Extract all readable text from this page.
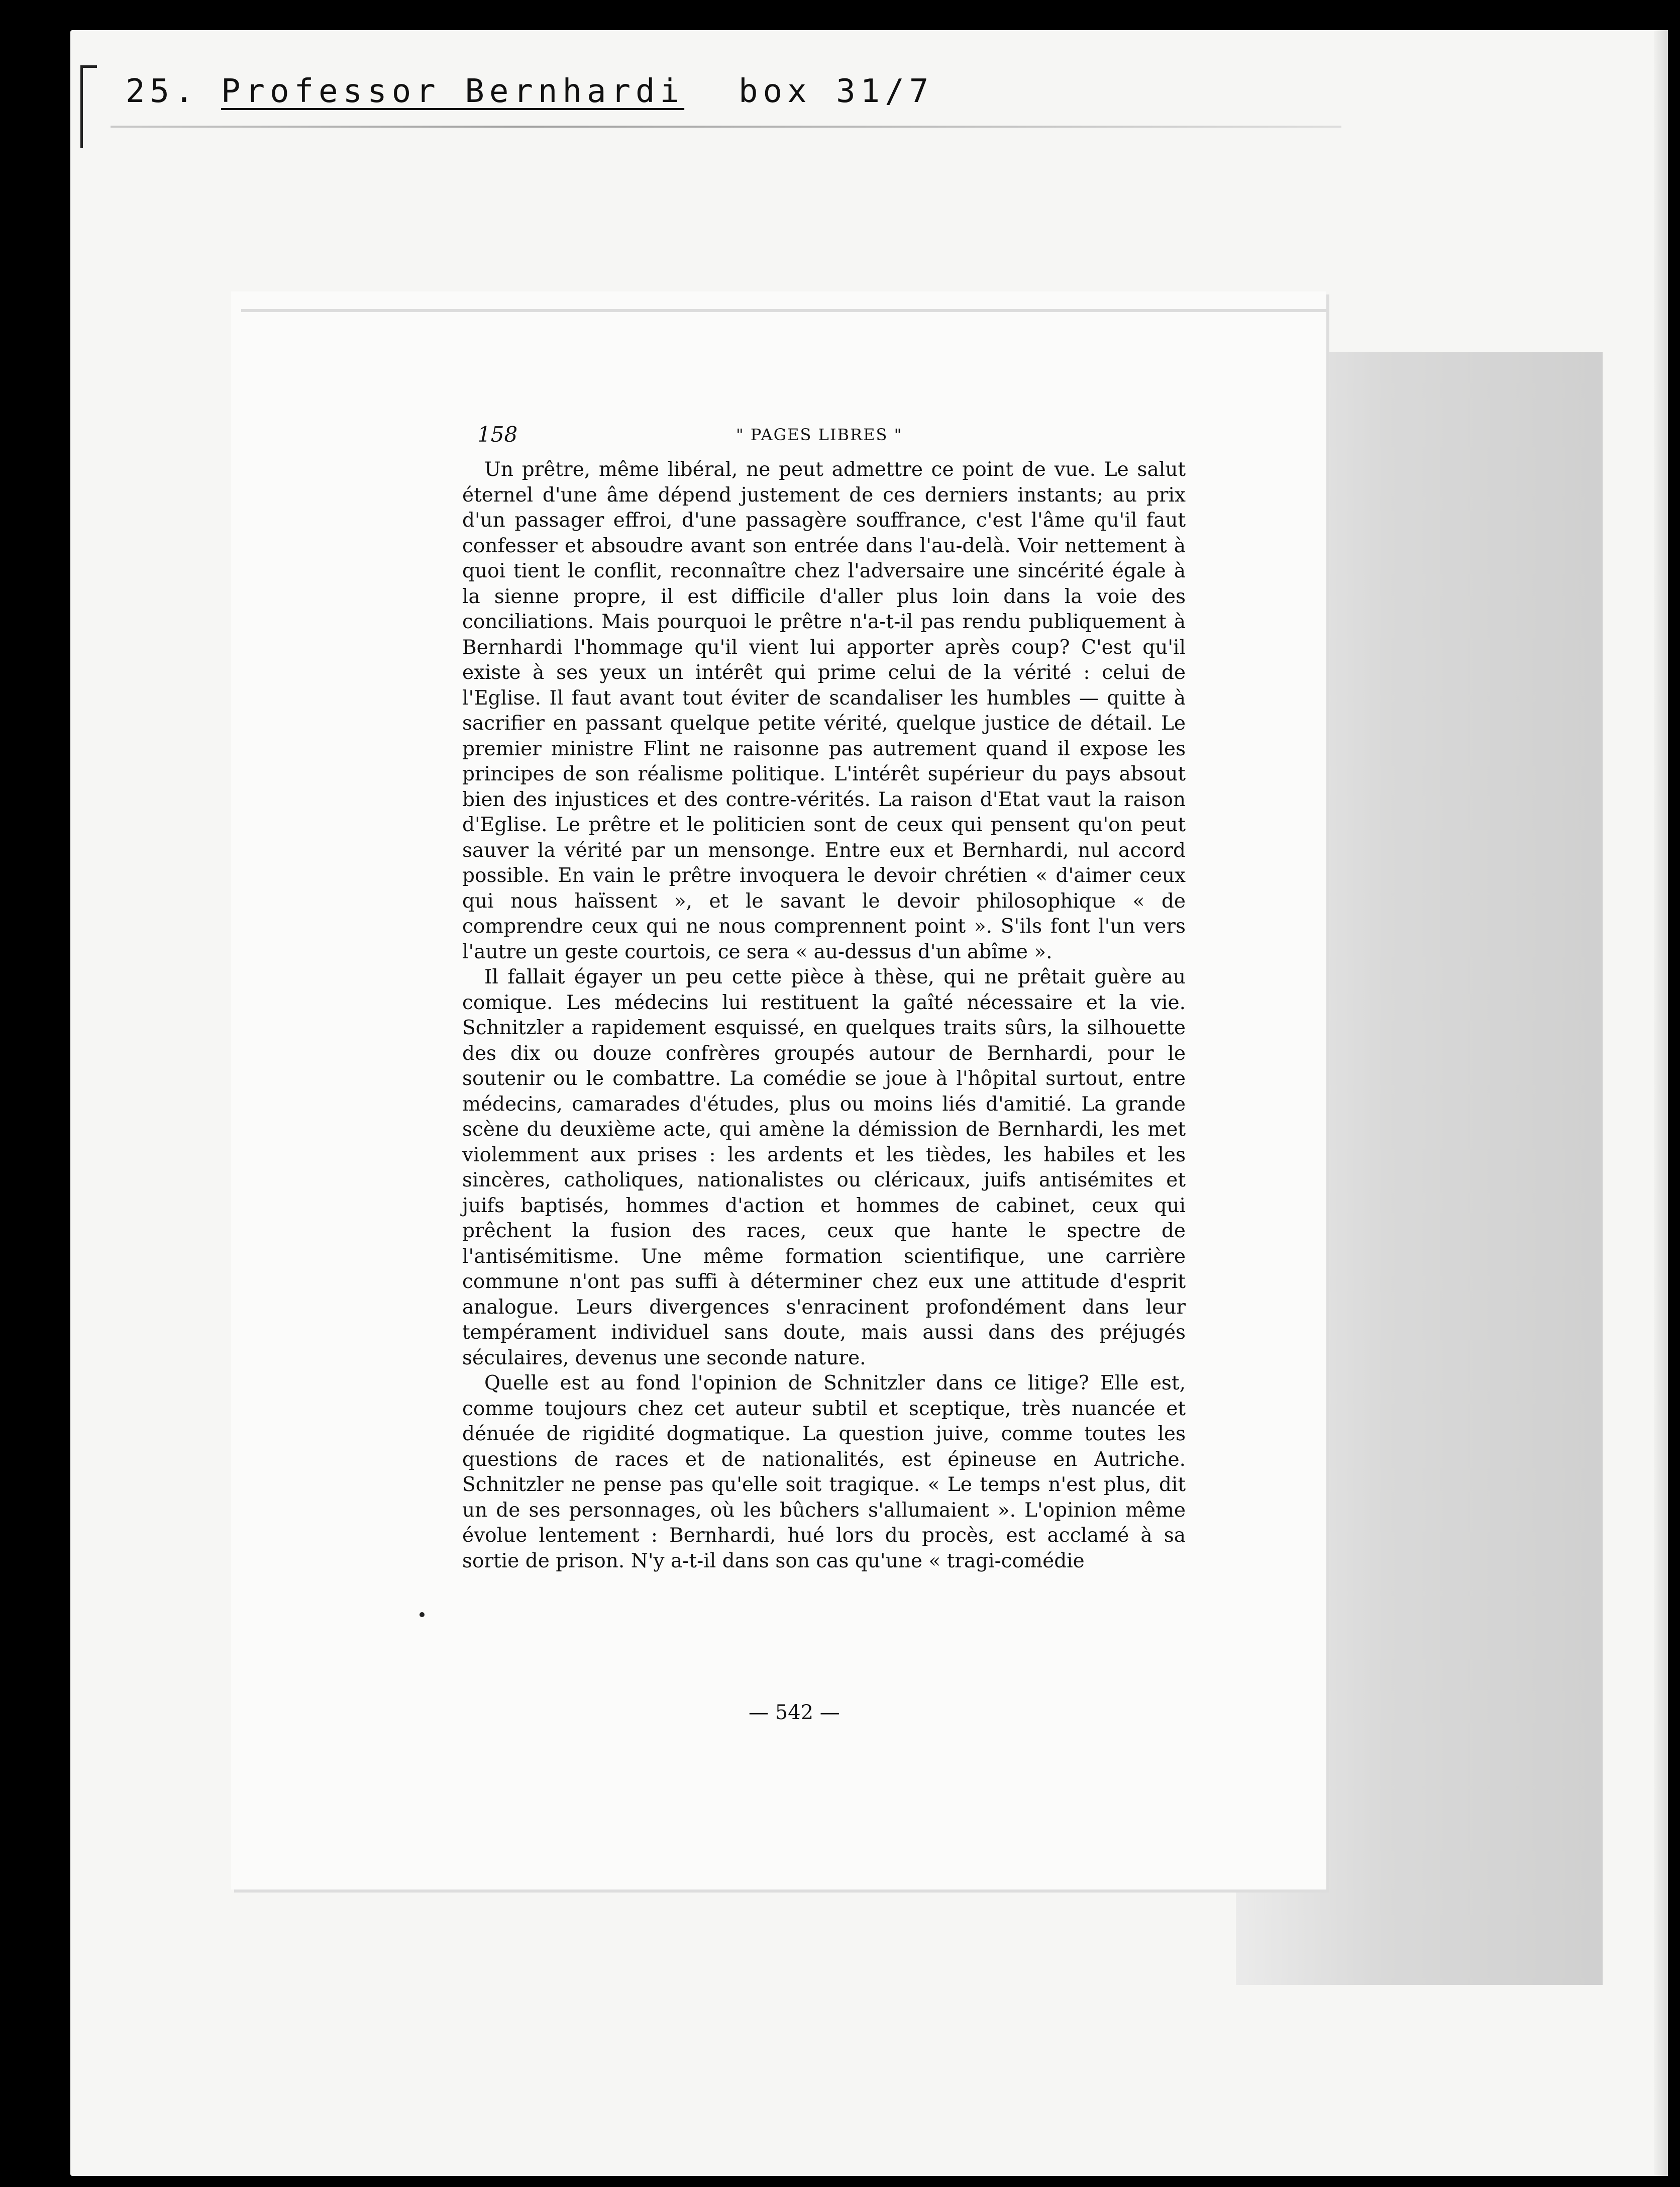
25. Professor Bernhardi box 31/7
158	" PAGES LIBRES "

Un prêtre, même libéral, ne peut admettre ce point de vue. Le salut éternel d'une âme dépend justement de ces derniers instants; au prix d'un passager effroi, d'une passagère souffrance, c'est l'âme qu'il faut confesser et absoudre avant son entrée dans l'au-delà. Voir nettement à quoi tient le conflit, reconnaître chez l'adversaire une sincérité égale à la sienne propre, il est difficile d'aller plus loin dans la voie des conciliations. Mais pourquoi le prêtre n'a-t-il pas rendu publiquement à Bernhardi l'hommage qu'il vient lui apporter après coup? C'est qu'il existe à ses yeux un intérêt qui prime celui de la vérité : celui de l'Eglise. Il faut avant tout éviter de scandaliser les humbles — quitte à sacrifier en passant quelque petite vérité, quelque justice de détail. Le premier ministre Flint ne raisonne pas autrement quand il expose les principes de son réalisme politique. L'intérêt supérieur du pays absout bien des injustices et des contre-vérités. La raison d'Etat vaut la raison d'Eglise. Le prêtre et le politicien sont de ceux qui pensent qu'on peut sauver la vérité par un mensonge. Entre eux et Bernhardi, nul accord possible. En vain le prêtre invoquera le devoir chrétien « d'aimer ceux qui nous haïssent », et le savant le devoir philosophique « de comprendre ceux qui ne nous comprennent point ». S'ils font l'un vers l'autre un geste courtois, ce sera « au-dessus d'un abîme ».

Il fallait égayer un peu cette pièce à thèse, qui ne prêtait guère au comique. Les médecins lui restituent la gaîté nécessaire et la vie. Schnitzler a rapidement esquissé, en quelques traits sûrs, la silhouette des dix ou douze confrères groupés autour de Bernhardi, pour le soutenir ou le combattre. La comédie se joue à l'hôpital surtout, entre médecins, camarades d'études, plus ou moins liés d'amitié. La grande scène du deuxième acte, qui amène la démission de Bernhardi, les met violemment aux prises : les ardents et les tièdes, les habiles et les sincères, catholiques, nationalistes ou cléricaux, juifs antisémites et juifs baptisés, hommes d'action et hommes de cabinet, ceux qui prêchent la fusion des races, ceux que hante le spectre de l'antisémitisme. Une même formation scientifique, une carrière commune n'ont pas suffi à déterminer chez eux une attitude d'esprit analogue. Leurs divergences s'enracinent profondément dans leur tempérament individuel sans doute, mais aussi dans des préjugés séculaires, devenus une seconde nature.

Quelle est au fond l'opinion de Schnitzler dans ce litige? Elle est, comme toujours chez cet auteur subtil et sceptique, très nuancée et dénuée de rigidité dogmatique. La question juive, comme toutes les questions de races et de nationalités, est épineuse en Autriche. Schnitzler ne pense pas qu'elle soit tragique. « Le temps n'est plus, dit un de ses personnages, où les bûchers s'allumaient ». L'opinion même évolue lentement : Bernhardi, hué lors du procès, est acclamé à sa sortie de prison. N'y a-t-il dans son cas qu'une « tragi-comédie

— 542 —
